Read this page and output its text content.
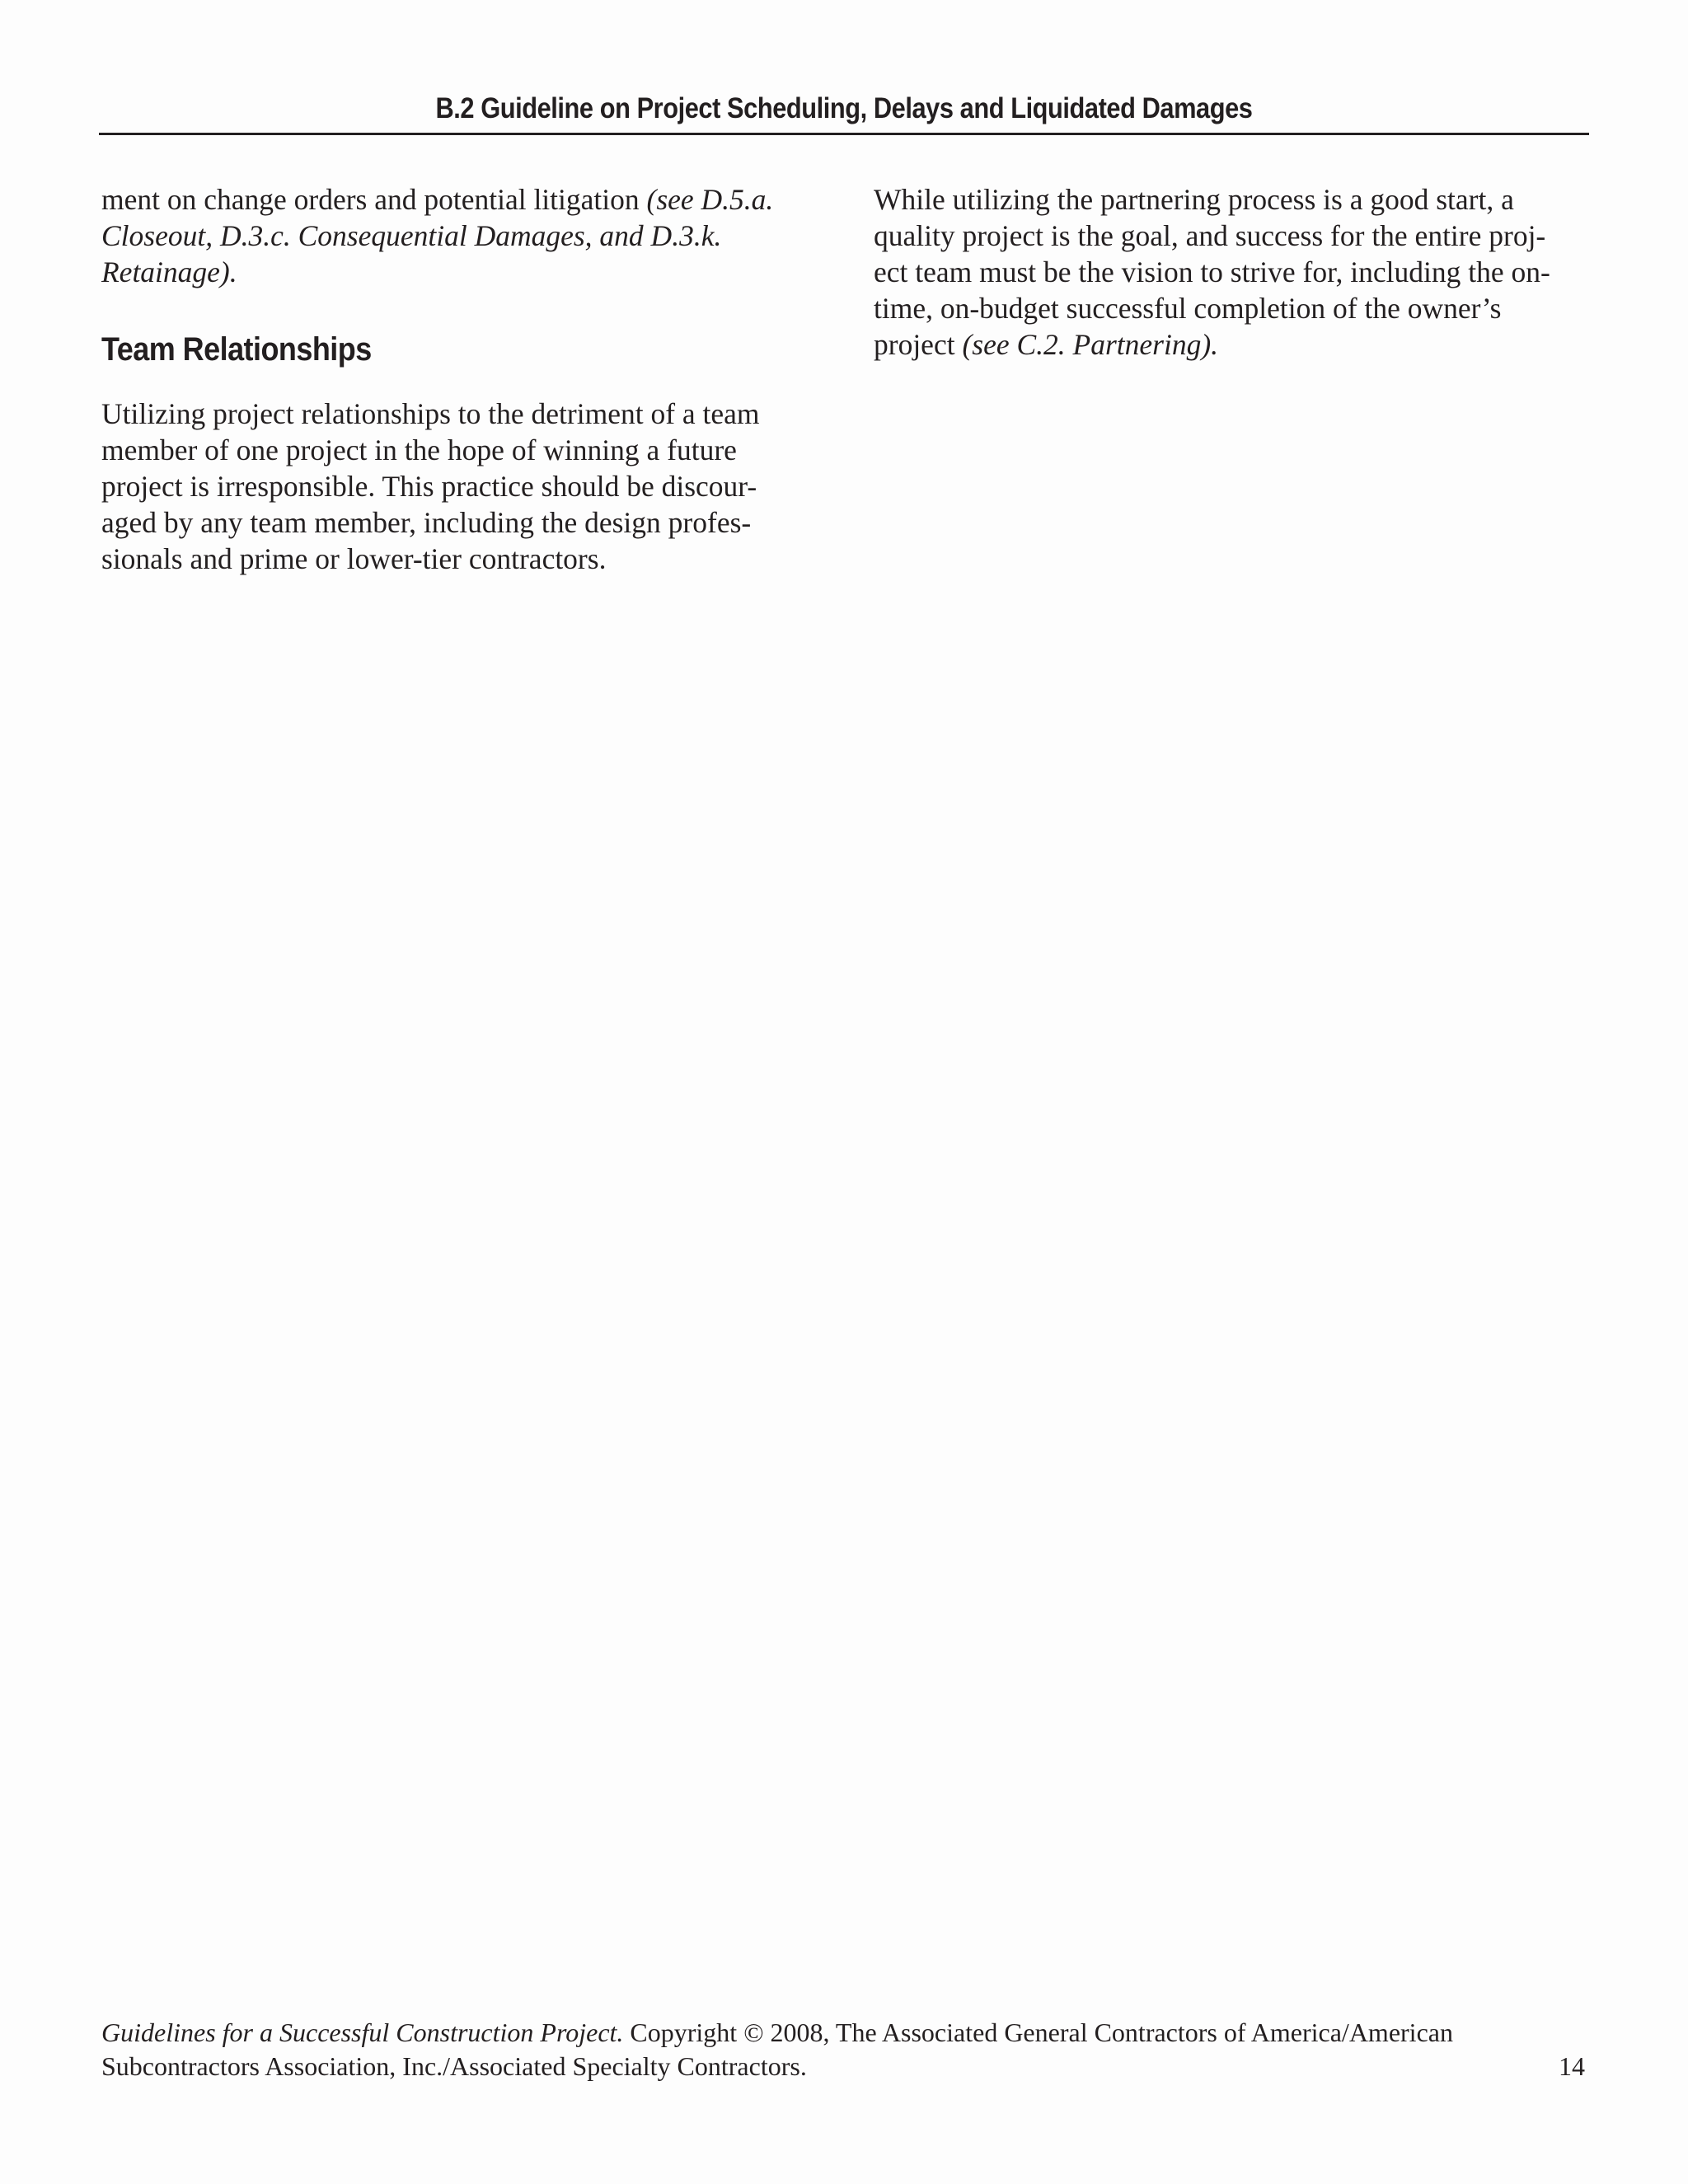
B.2 Guideline on Project Scheduling, Delays and Liquidated Damages
ment on change orders and potential litigation (see D.5.a.
Closeout, D.3.c. Consequential Damages, and D.3.k.
Retainage).
Team Relationships
Utilizing project relationships to the detriment of a team
member of one project in the hope of winning a future
project is irresponsible. This practice should be discour-
aged by any team member, including the design profes-
sionals and prime or lower-tier contractors.
While utilizing the partnering process is a good start, a
quality project is the goal, and success for the entire proj-
ect team must be the vision to strive for, including the on-
time, on-budget successful completion of the owner’s
project (see C.2. Partnering).
Guidelines for a Successful Construction Project. Copyright © 2008, The Associated General Contractors of America/American
Subcontractors Association, Inc./Associated Specialty Contractors.	14
